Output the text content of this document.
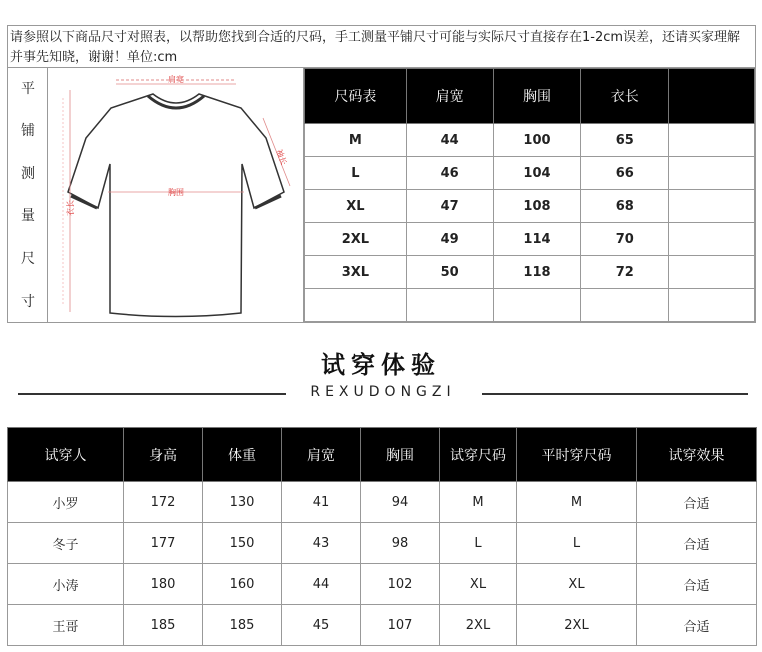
请参照以下商品尺寸对照表，以帮助您找到合适的尺码，手工测量平铺尺寸可能与实际尺寸直接存在1-2cm误差，还请买家理解并事先知晓，谢谢！单位:cm
平
铺
测
量
尺
寸
肩宽
胸围
袖长
衣长
尺码表	肩宽	胸围	衣长	
M	44	100	65	
L	46	104	66	
XL	47	108	68	
2XL	49	114	70	
3XL	50	118	72	

试穿体验
REXUDONGZI
试穿人	身高	体重	肩宽	胸围	试穿尺码	平时穿尺码	试穿效果
小罗	172	130	41	94	M	M	合适
冬子	177	150	43	98	L	L	合适
小涛	180	160	44	102	XL	XL	合适
王哥	185	185	45	107	2XL	2XL	合适
